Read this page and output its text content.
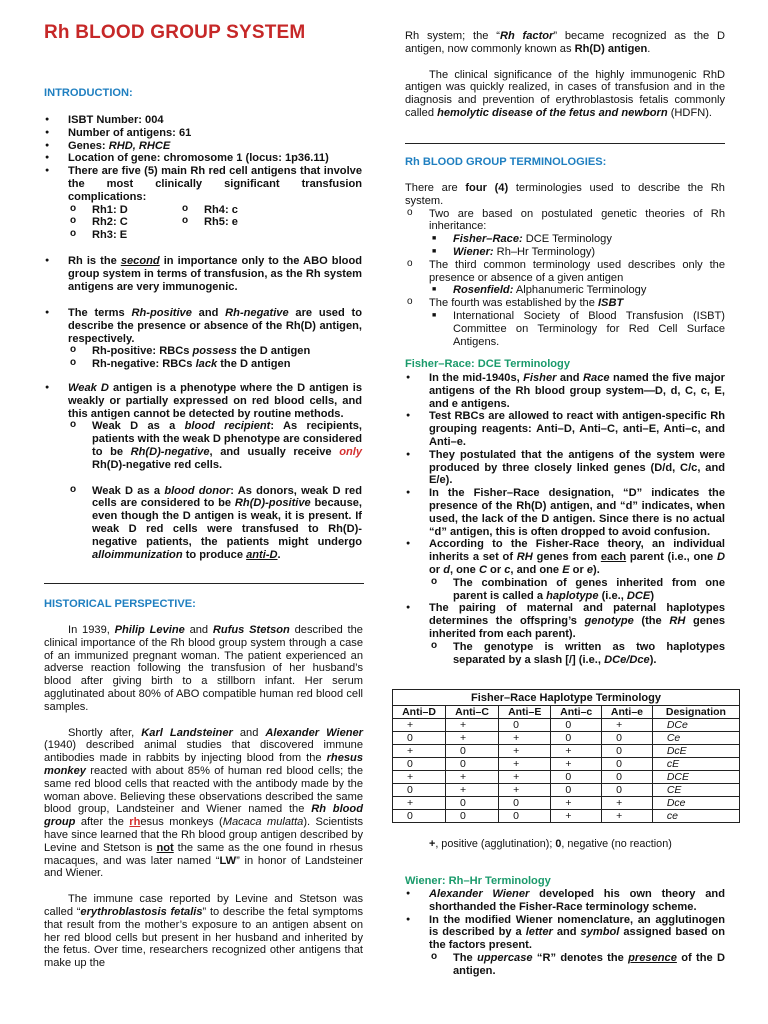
Rh BLOOD GROUP SYSTEM
INTRODUCTION:
● ISBT Number: 004
● Number of antigens: 61
● Genes: RHD, RHCE
● Location of gene: chromosome 1 (locus: 1p36.11)
● There are five (5) main Rh red cell antigens that involve the most clinically significant transfusion complications:
o Rh1: D	o Rh4: c
o Rh2: C	o Rh5: e
o Rh3: E
● Rh is the second in importance only to the ABO blood group system in terms of transfusion, as the Rh system antigens are very immunogenic.
● The terms Rh-positive and Rh-negative are used to describe the presence or absence of the Rh(D) antigen, respectively.
o Rh-positive: RBCs possess the D antigen
o Rh-negative: RBCs lack the D antigen
● Weak D antigen is a phenotype where the D antigen is weakly or partially expressed on red blood cells, and this antigen cannot be detected by routine methods.
o Weak D as a blood recipient: As recipients, patients with the weak D phenotype are considered to be Rh(D)-negative, and usually receive only Rh(D)-negative red cells.
o Weak D as a blood donor: As donors, weak D red cells are considered to be Rh(D)-positive because, even though the D antigen is weak, it is present. If weak D red cells were transfused to Rh(D)-negative patients, the patients might undergo alloimmunization to produce anti-D.
HISTORICAL PERSPECTIVE:

In 1939, Philip Levine and Rufus Stetson described the clinical importance of the Rh blood group system through a case of an immunized pregnant woman. The patient experienced an adverse reaction following the transfusion of her husband’s blood after giving birth to a stillborn infant. Her serum agglutinated about 80% of ABO compatible human red blood cell samples.

Shortly after, Karl Landsteiner and Alexander Wiener (1940) described animal studies that discovered immune antibodies made in rabbits by injecting blood from the rhesus monkey reacted with about 85% of human red blood cells; the same red blood cells that reacted with the antibody made by the woman above. Believing these observations described the same blood group, Landsteiner and Wiener named the Rh blood group after the rhesus monkeys (Macaca mulatta). Scientists have since learned that the Rh blood group antigen described by Levine and Stetson is not the same as the one found in rhesus macaques, and was later named “LW” in honor of Landsteiner and Wiener.

The immune case reported by Levine and Stetson was called “erythroblastosis fetalis” to describe the fetal symptoms that result from the mother’s exposure to an antigen absent on her red blood cells but present in her husband and inherited by the fetus. Over time, researchers recognized other antigens that make up the

Rh system; the “Rh factor” became recognized as the D antigen, now commonly known as Rh(D) antigen.

The clinical significance of the highly immunogenic RhD antigen was quickly realized, in cases of transfusion and in the diagnosis and prevention of erythroblastosis fetalis commonly called hemolytic disease of the fetus and newborn (HDFN).

Rh BLOOD GROUP TERMINOLOGIES:

There are four (4) terminologies used to describe the Rh system.

o Two are based on postulated genetic theories of Rh inheritance:
■ Fisher–Race: DCE Terminology
■ Wiener: Rh–Hr Terminology)
o The third common terminology used describes only the presence or absence of a given antigen
■ Rosenfield: Alphanumeric Terminology
o The fourth was established by the ISBT
■ International Society of Blood Transfusion (ISBT) Committee on Terminology for Red Cell Surface Antigens.
Fisher–Race: DCE Terminology
● In the mid-1940s, Fisher and Race named the five major antigens of the Rh blood group system—D, d, C, c, E, and e antigens.
● Test RBCs are allowed to react with antigen-specific Rh grouping reagents: Anti–D, Anti–C, anti–E, Anti–c, and Anti–e.
● They postulated that the antigens of the system were produced by three closely linked genes (D/d, C/c, and E/e).
● In the Fisher–Race designation, “D” indicates the presence of the Rh(D) antigen, and “d” indicates, when used, the lack of the D antigen. Since there is no actual “d” antigen, this is often dropped to avoid confusion.
● According to the Fisher-Race theory, an individual inherits a set of RH genes from each parent (i.e., one D or d, one C or c, and one E or e).
o The combination of genes inherited from one parent is called a haplotype (i.e., DCE)
● The pairing of maternal and paternal haplotypes determines the offspring’s genotype (the RH genes inherited from each parent).
o The genotype is written as two haplotypes separated by a slash [/] (i.e., DCe/Dce).
Fisher–Race Haplotype Terminology					
Anti–D	Anti–C	Anti–E	Anti–c	Anti–e	Designation
+	+	0	0	+	DCe
0	+	+	0	0	Ce
+	0	+	+	0	DcE
0	0	+	+	0	cE
+	+	+	0	0	DCE
0	+	+	0	0	CE
+	0	0	+	+	Dce
0	0	0	+	+	ce
+, positive (agglutination); 0, negative (no reaction)
Wiener: Rh–Hr Terminology
● Alexander Wiener developed his own theory and shorthanded the Fisher-Race terminology scheme.
● In the modified Wiener nomenclature, an agglutinogen is described by a letter and symbol assigned based on the factors present.
o The uppercase “R” denotes the presence of the D antigen.
